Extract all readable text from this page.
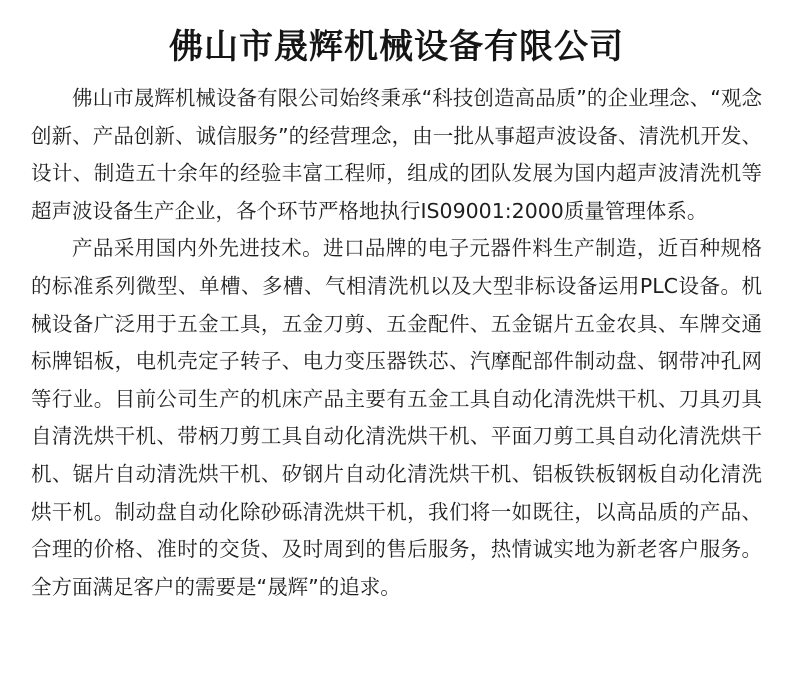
佛山市晟辉机械设备有限公司

佛山市晟辉机械设备有限公司始终秉承“科技创造高品质”的企业理念、“观念创新、产品创新、诚信服务”的经营理念，由一批从事超声波设备、清洗机开发、设计、制造五十余年的经验丰富工程师，组成的团队发展为国内超声波清洗机等超声波设备生产企业，各个环节严格地执行IS09001:2000质量管理体系。

产品采用国内外先进技术。进口品牌的电子元器件料生产制造，近百种规格的标准系列微型、单槽、多槽、气相清洗机以及大型非标设备运用PLC设备。机械设备广泛用于五金工具，五金刀剪、五金配件、五金锯片五金农具、车牌交通标牌铝板，电机壳定子转子、电力变压器铁芯、汽摩配部件制动盘、钢带冲孔网等行业。目前公司生产的机床产品主要有五金工具自动化清洗烘干机、刀具刃具自清洗烘干机、带柄刀剪工具自动化清洗烘干机、平面刀剪工具自动化清洗烘干机、锯片自动清洗烘干机、矽钢片自动化清洗烘干机、铝板铁板钢板自动化清洗烘干机。制动盘自动化除砂砾清洗烘干机，我们将一如既往，以高品质的产品、合理的价格、准时的交货、及时周到的售后服务，热情诚实地为新老客户服务。全方面满足客户的需要是“晟辉”的追求。
